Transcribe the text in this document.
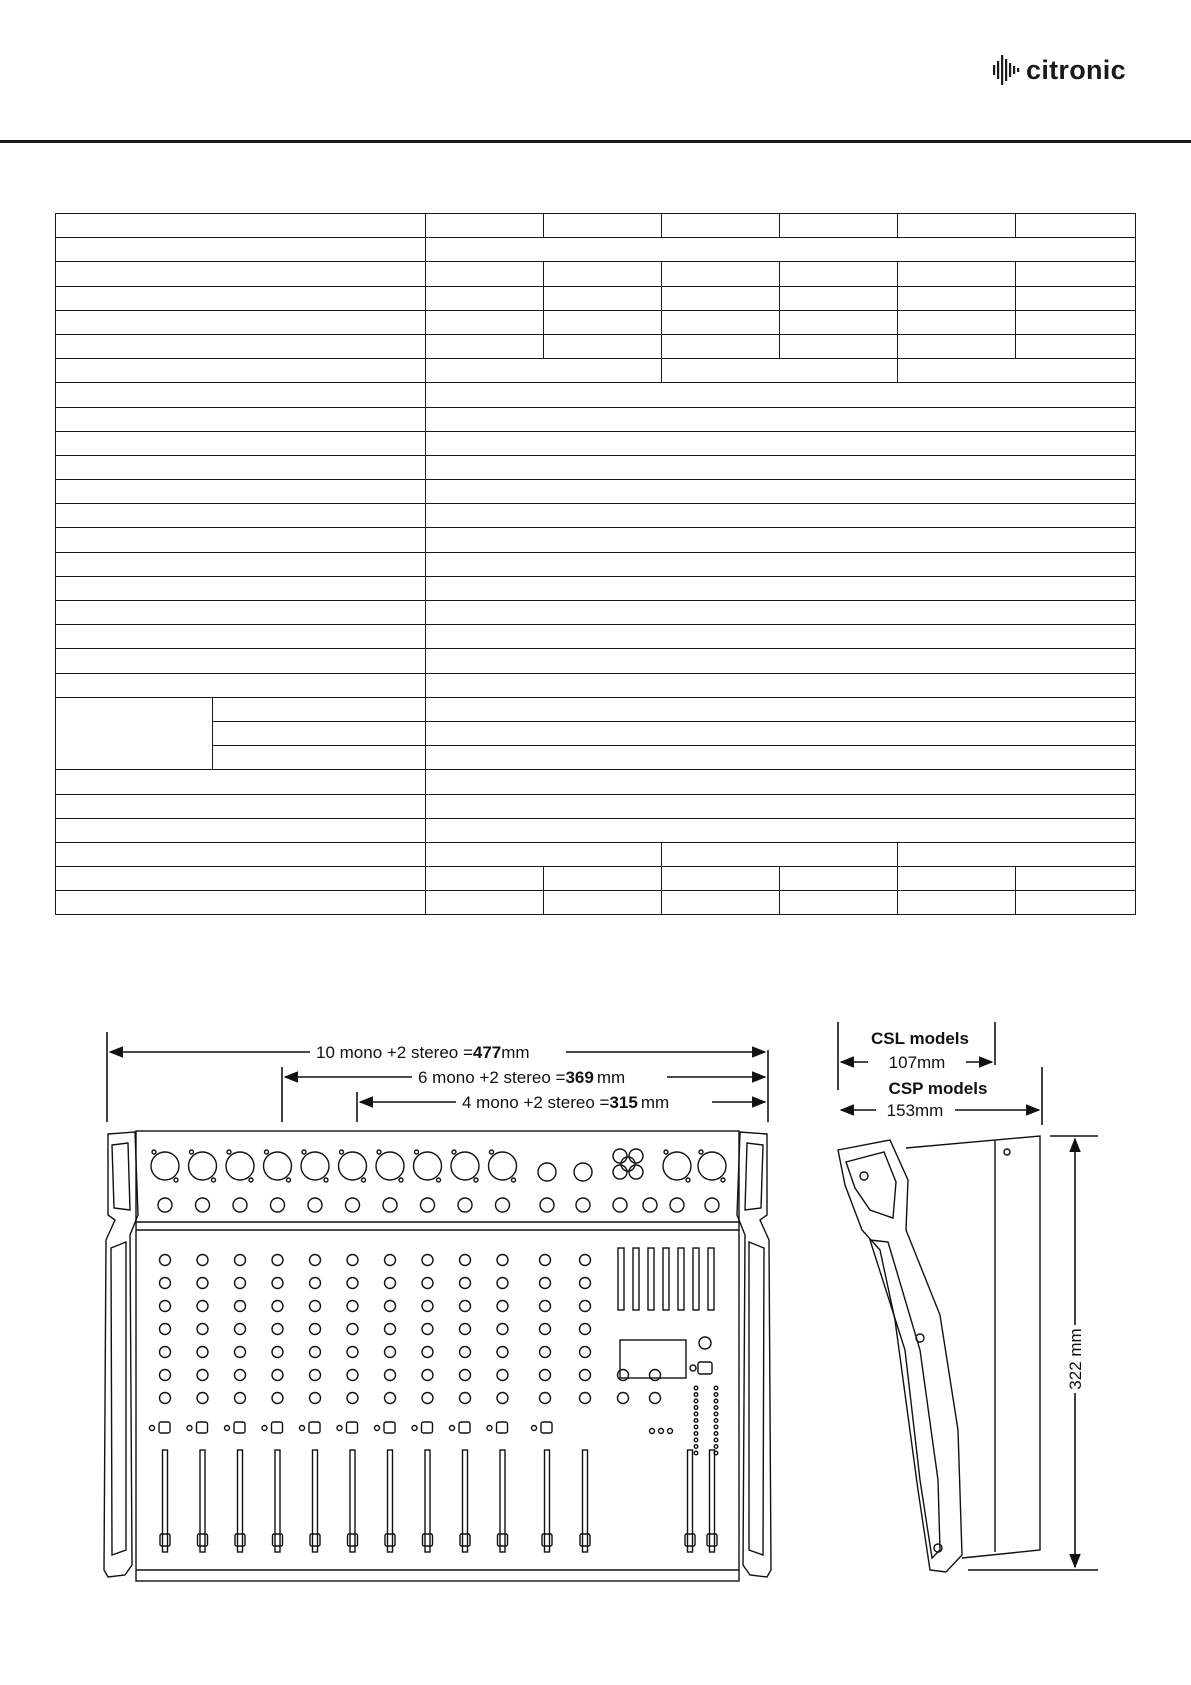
citronic

10 mono +2 stereo =477mm
6 mono +2 stereo =369 mm
4 mono +2 stereo =315 mm
CSL models
107mm
CSP models
153mm
322 mm
